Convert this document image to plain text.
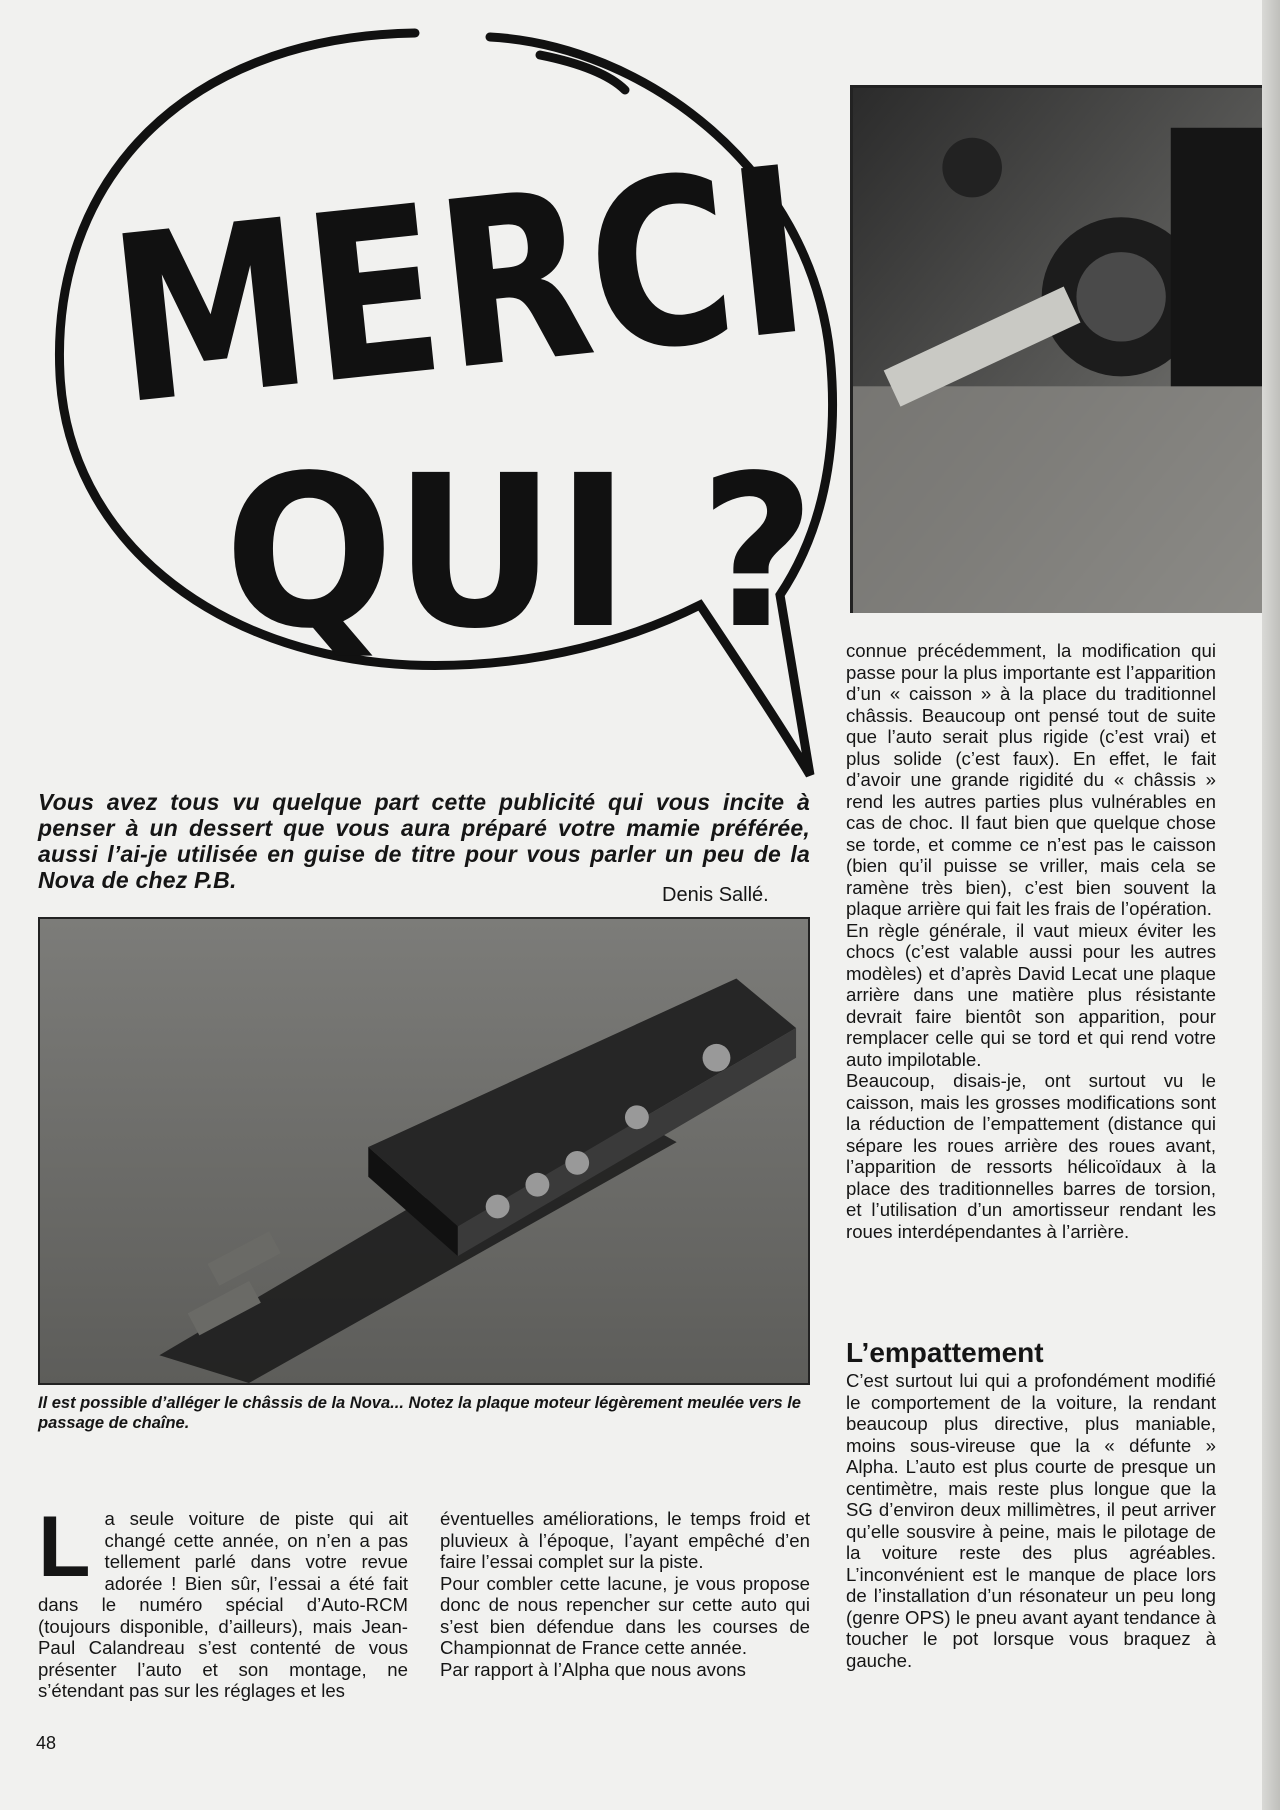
MERCI
QUI ?
Vous avez tous vu quelque part cette publicité qui vous incite à penser à un dessert que vous aura préparé votre mamie préférée, aussi l’ai-je utilisée en guise de titre pour vous parler un peu de la Nova de chez P.B.
Denis Sallé.
Il est possible d’alléger le châssis de la Nova... Notez la plaque moteur légèrement meulée vers le passage de chaîne.
L a seule voiture de piste qui ait changé cette année, on n’en a pas tellement parlé dans votre revue adorée ! Bien sûr, l’essai a été fait dans le numéro spécial d’Auto-RCM (toujours disponible, d’ailleurs), mais Jean-Paul Calandreau s’est contenté de vous présenter l’auto et son montage, ne s’étendant pas sur les réglages et les

éventuelles améliorations, le temps froid et pluvieux à l’époque, l’ayant empêché d’en faire l’essai complet sur la piste.

Pour combler cette lacune, je vous propose donc de nous repencher sur cette auto qui s’est bien défendue dans les courses de Championnat de France cette année.

Par rapport à l’Alpha que nous avons

connue précédemment, la modification qui passe pour la plus importante est l’apparition d’un « caisson » à la place du traditionnel châssis. Beaucoup ont pensé tout de suite que l’auto serait plus rigide (c’est vrai) et plus solide (c’est faux). En effet, le fait d’avoir une grande rigidité du « châssis » rend les autres parties plus vulnérables en cas de choc. Il faut bien que quelque chose se torde, et comme ce n’est pas le caisson (bien qu’il puisse se vriller, mais cela se ramène très bien), c’est bien souvent la plaque arrière qui fait les frais de l’opération.

En règle générale, il vaut mieux éviter les chocs (c’est valable aussi pour les autres modèles) et d’après David Lecat une plaque arrière dans une matière plus résistante devrait faire bientôt son apparition, pour remplacer celle qui se tord et qui rend votre auto impilotable.

Beaucoup, disais-je, ont surtout vu le caisson, mais les grosses modifications sont la réduction de l’empattement (distance qui sépare les roues arrière des roues avant, l’apparition de ressorts hélicoïdaux à la place des traditionnelles barres de torsion, et l’utilisation d’un amortisseur rendant les roues interdépendantes à l’arrière.

L’empattement

C’est surtout lui qui a profondément modifié le comportement de la voiture, la rendant beaucoup plus directive, plus maniable, moins sous-vireuse que la « défunte » Alpha. L’auto est plus courte de presque un centimètre, mais reste plus longue que la SG d’environ deux millimètres, il peut arriver qu’elle sousvire à peine, mais le pilotage de la voiture reste des plus agréables. L’inconvénient est le manque de place lors de l’installation d’un résonateur un peu long (genre OPS) le pneu avant ayant tendance à toucher le pot lorsque vous braquez à gauche.

48
